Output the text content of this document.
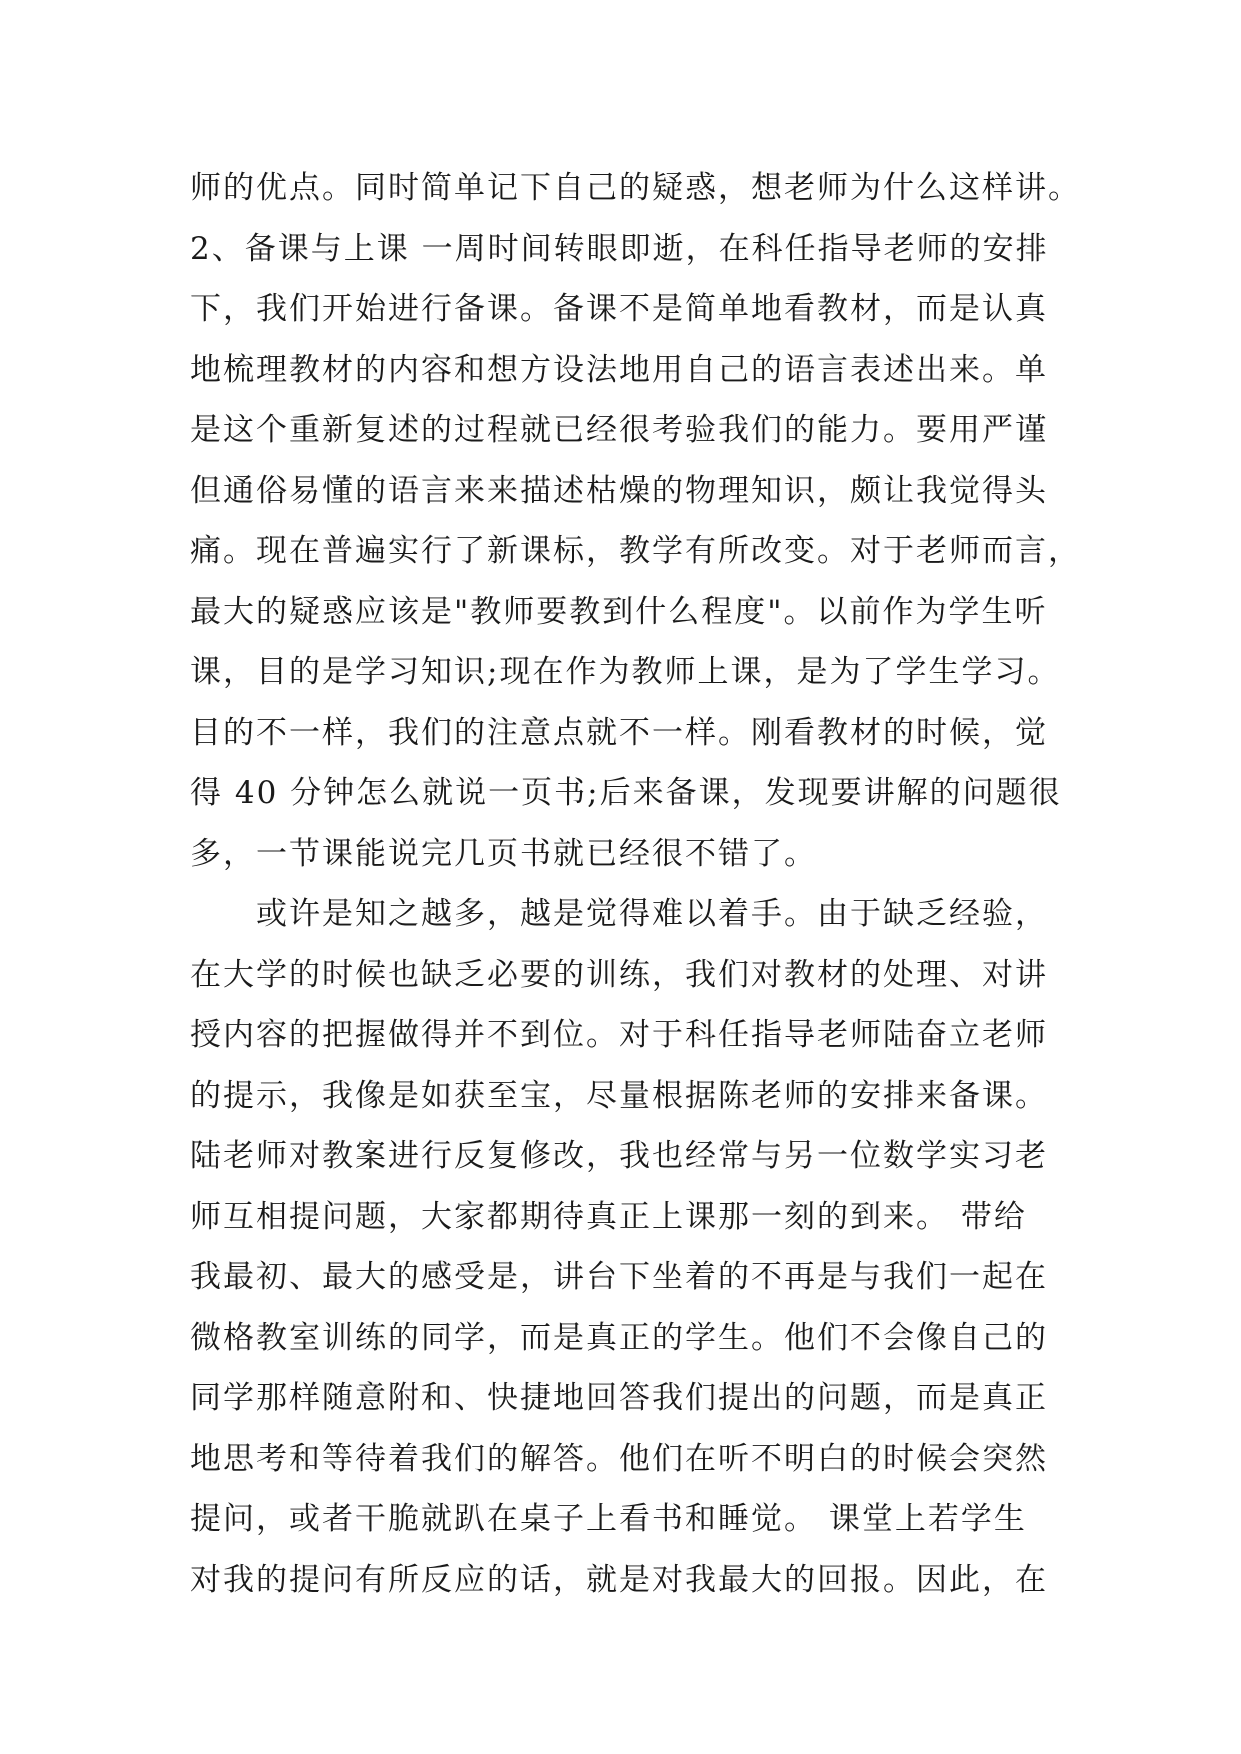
师的优点。同时简单记下自己的疑惑，想老师为什么这样讲。
2、备课与上课 一周时间转眼即逝，在科任指导老师的安排
下，我们开始进行备课。备课不是简单地看教材，而是认真
地梳理教材的内容和想方设法地用自己的语言表述出来。单
是这个重新复述的过程就已经很考验我们的能力。要用严谨
但通俗易懂的语言来来描述枯燥的物理知识，颇让我觉得头
痛。现在普遍实行了新课标，教学有所改变。对于老师而言，
最大的疑惑应该是"教师要教到什么程度"。以前作为学生听
课，目的是学习知识;现在作为教师上课，是为了学生学习。
目的不一样，我们的注意点就不一样。刚看教材的时候，觉
得 40 分钟怎么就说一页书;后来备课，发现要讲解的问题很
多，一节课能说完几页书就已经很不错了。
或许是知之越多，越是觉得难以着手。由于缺乏经验，
在大学的时候也缺乏必要的训练，我们对教材的处理、对讲
授内容的把握做得并不到位。对于科任指导老师陆奋立老师
的提示，我像是如获至宝，尽量根据陈老师的安排来备课。
陆老师对教案进行反复修改，我也经常与另一位数学实习老
师互相提问题，大家都期待真正上课那一刻的到来。 带给
我最初、最大的感受是，讲台下坐着的不再是与我们一起在
微格教室训练的同学，而是真正的学生。他们不会像自己的
同学那样随意附和、快捷地回答我们提出的问题，而是真正
地思考和等待着我们的解答。他们在听不明白的时候会突然
提问，或者干脆就趴在桌子上看书和睡觉。 课堂上若学生
对我的提问有所反应的话，就是对我最大的回报。因此，在
